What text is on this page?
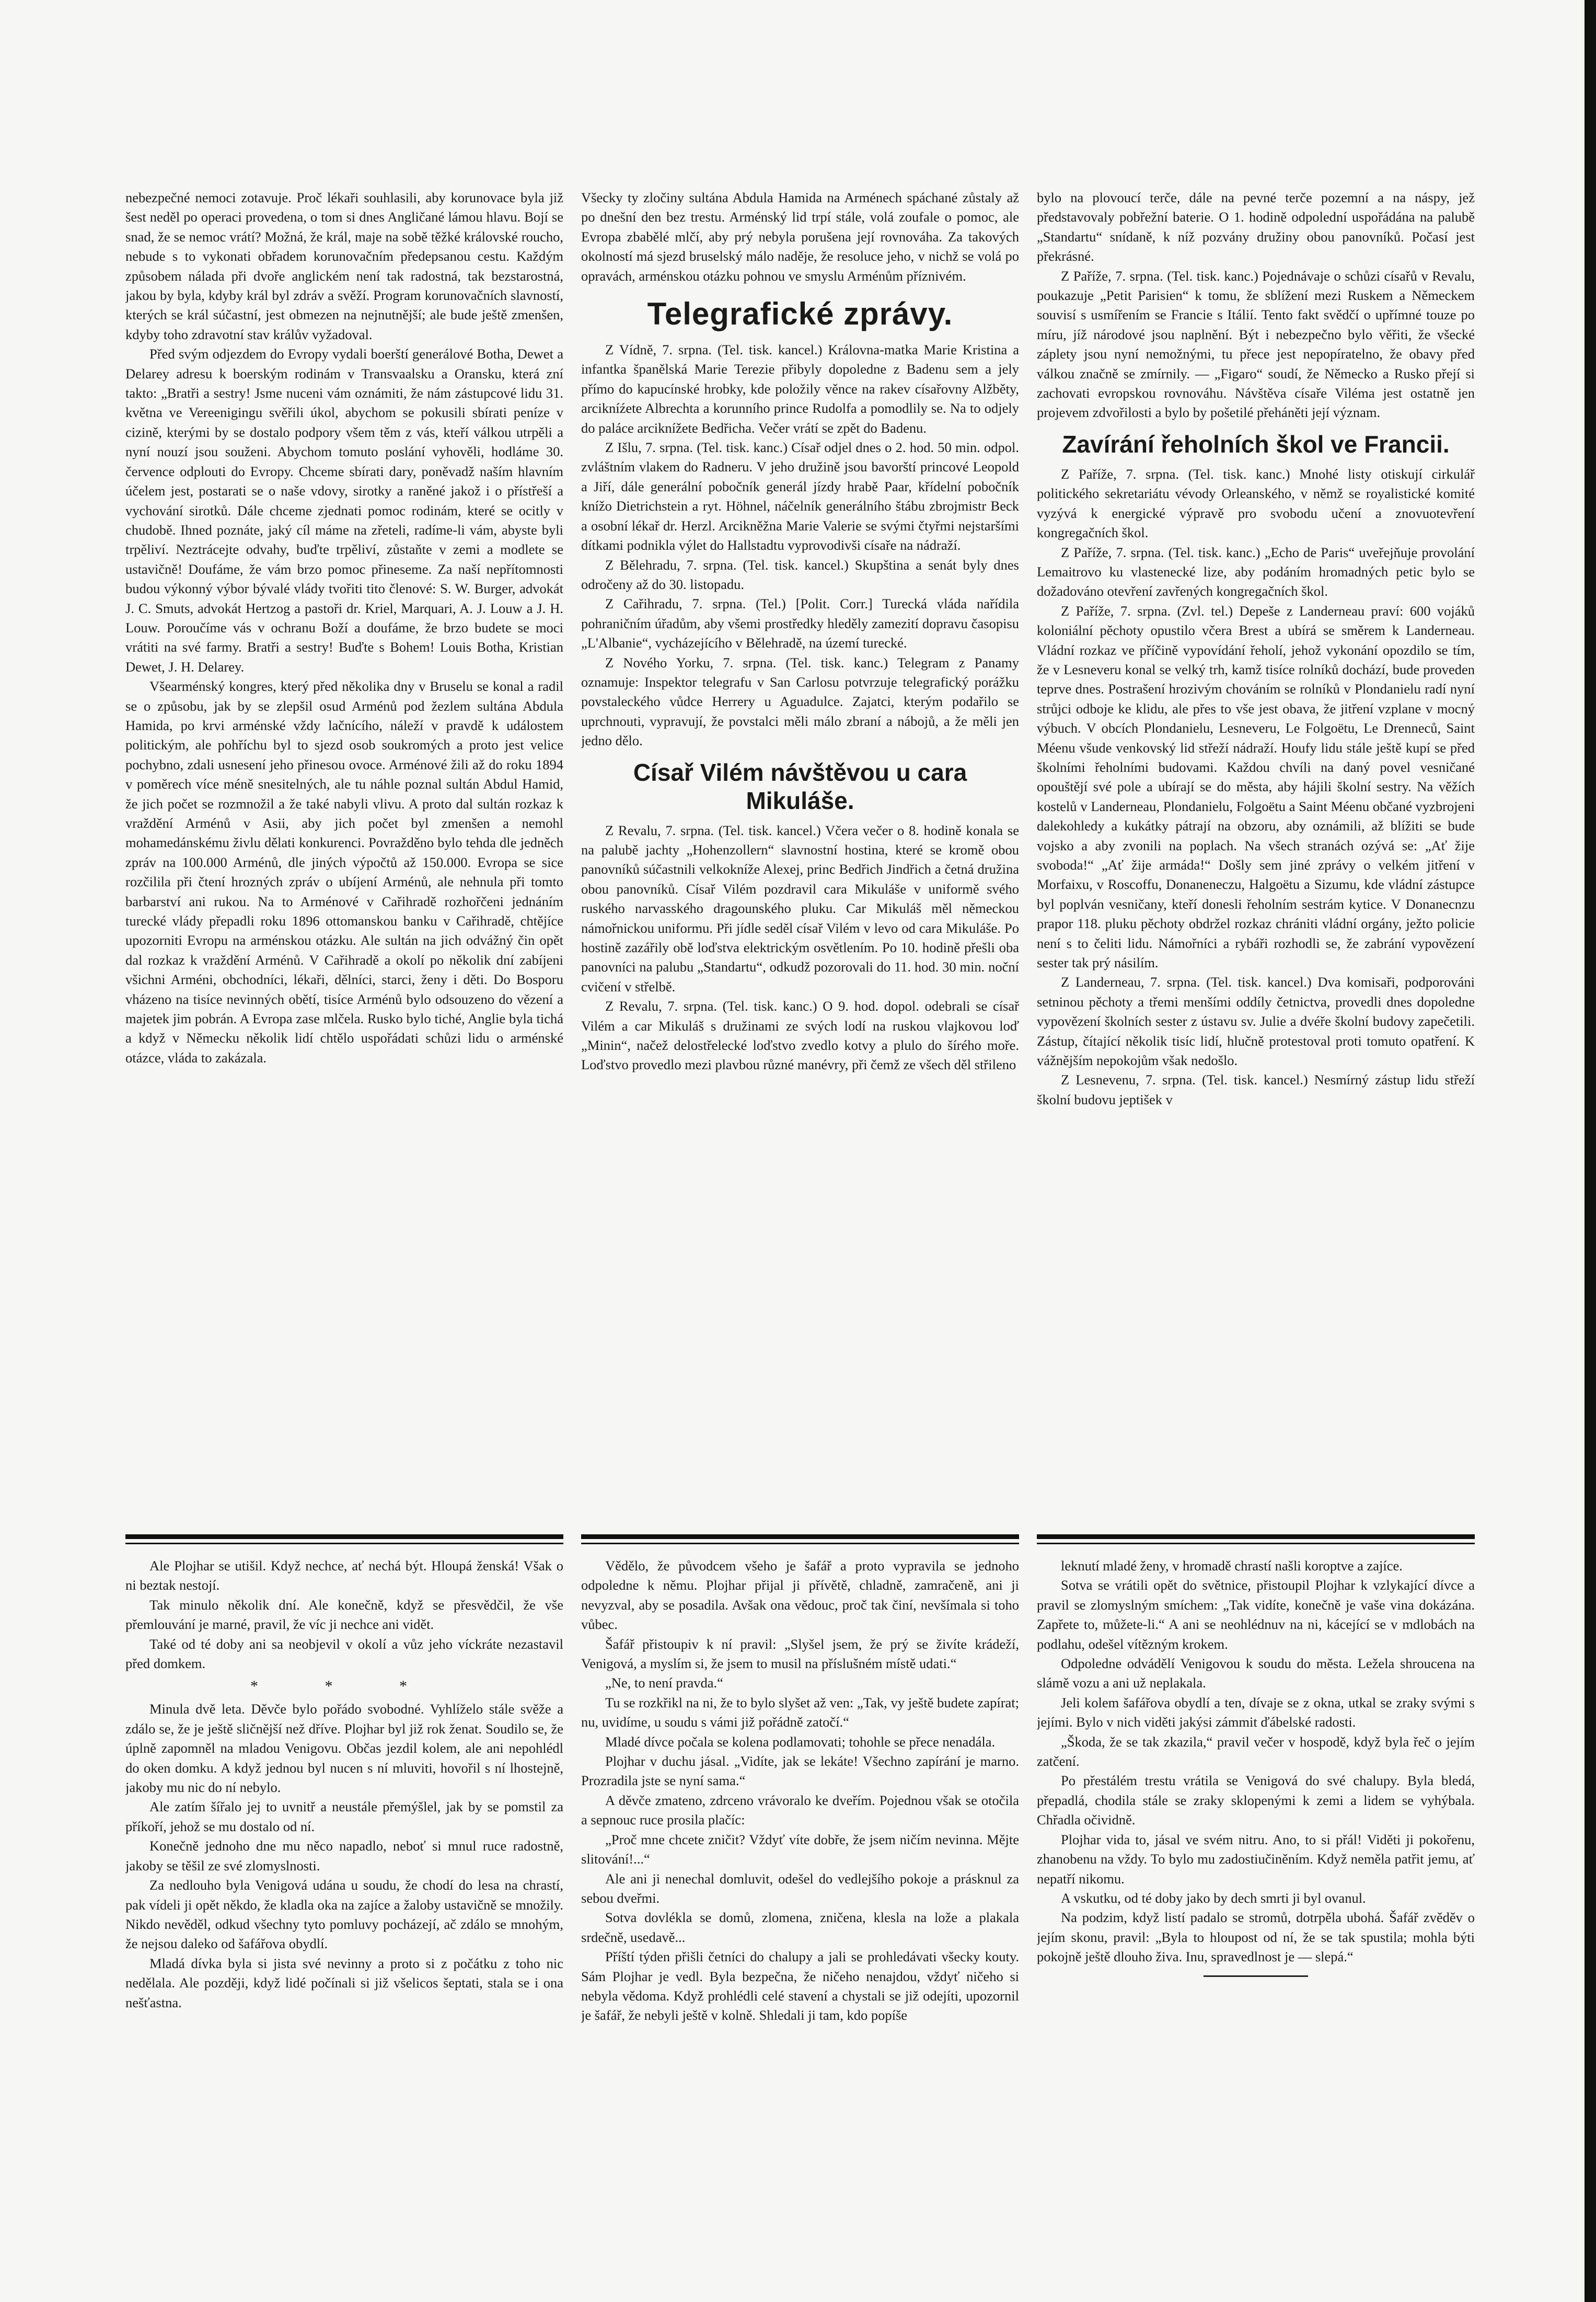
nebezpečné nemoci zotavuje. Proč lékaři souhlasili, aby korunovace byla již šest neděl po operaci provedena, o tom si dnes Angličané lámou hlavu. Bojí se snad, že se nemoc vrátí? Možná, že král, maje na sobě těžké královské roucho, nebude s to vykonati obřadem korunovačním předepsanou cestu. Každým způsobem nálada při dvoře anglickém není tak radostná, tak bezstarostná, jakou by byla, kdyby král byl zdráv a svěží. Program korunovačních slavností, kterých se král súčastní, jest obmezen na nejnutnější; ale bude ještě zmenšen, kdyby toho zdravotní stav králův vyžadoval.

Před svým odjezdem do Evropy vydali boerští generálové Botha, Dewet a Delarey adresu k boerským rodinám v Transvaalsku a Oransku, která zní takto: „Bratři a sestry! Jsme nuceni vám oznámiti, že nám zástupcové lidu 31. května ve Vereenigingu svěřili úkol, abychom se pokusili sbírati peníze v cizině, kterými by se dostalo podpory všem těm z vás, kteří válkou utrpěli a nyní nouzí jsou souženi. Abychom tomuto poslání vyhověli, hodláme 30. července odplouti do Evropy. Chceme sbírati dary, poněvadž naším hlavním účelem jest, postarati se o naše vdovy, sirotky a raněné jakož i o přístřeší a vychování sirotků. Dále chceme zjednati pomoc rodinám, které se ocitly v chudobě. Ihned poznáte, jaký cíl máme na zřeteli, radíme-li vám, abyste byli trpěliví. Neztrácejte odvahy, buďte trpěliví, zůstaňte v zemi a modlete se ustavičně! Doufáme, že vám brzo pomoc přineseme. Za naší nepřítomnosti budou výkonný výbor bývalé vlády tvořiti tito členové: S. W. Burger, advokát J. C. Smuts, advokát Hertzog a pastoři dr. Kriel, Marquari, A. J. Louw a J. H. Louw. Poroučíme vás v ochranu Boží a doufáme, že brzo budete se moci vrátiti na své farmy. Bratři a sestry! Buďte s Bohem! Louis Botha, Kristian Dewet, J. H. Delarey.

Všearménský kongres, který před několika dny v Bruselu se konal a radil se o způsobu, jak by se zlepšil osud Arménů pod žezlem sultána Abdula Hamida, po krvi arménské vždy lačnícího, náleží v pravdě k událostem politickým, ale pohříchu byl to sjezd osob soukromých a proto jest velice pochybno, zdali usnesení jeho přinesou ovoce. Arménové žili až do roku 1894 v poměrech více méně snesitelných, ale tu náhle poznal sultán Abdul Hamid, že jich počet se rozmnožil a že také nabyli vlivu. A proto dal sultán rozkaz k vraždění Arménů v Asii, aby jich počet byl zmenšen a nemohl mohamedánskému živlu dělati konkurenci. Povražděno bylo tehda dle jedněch zpráv na 100.000 Arménů, dle jiných výpočtů až 150.000. Evropa se sice rozčilila při čtení hrozných zpráv o ubíjení Arménů, ale nehnula při tomto barbarství ani rukou. Na to Arménové v Cařihradě rozhořčeni jednáním turecké vlády přepadli roku 1896 ottomanskou banku v Cařihradě, chtějíce upozorniti Evropu na arménskou otázku. Ale sultán na jich odvážný čin opět dal rozkaz k vraždění Arménů. V Cařihradě a okolí po několik dní zabíjeni všichni Arméni, obchodníci, lékaři, dělníci, starci, ženy i děti. Do Bosporu vházeno na tisíce nevinných obětí, tisíce Arménů bylo odsouzeno do vězení a majetek jim pobrán. A Evropa zase mlčela. Rusko bylo tiché, Anglie byla tichá a když v Německu několik lidí chtělo uspořádati schůzi lidu o arménské otázce, vláda to zakázala.

Všecky ty zločiny sultána Abdula Hamida na Arménech spáchané zůstaly až po dnešní den bez trestu. Arménský lid trpí stále, volá zoufale o pomoc, ale Evropa zbabělé mlčí, aby prý nebyla porušena její rovnováha. Za takových okolností má sjezd bruselský málo naděje, že resoluce jeho, v nichž se volá po opravách, arménskou otázku pohnou ve smyslu Arménům příznivém.

Telegrafické zprávy.

Z Vídně, 7. srpna. (Tel. tisk. kancel.) Královna-matka Marie Kristina a infantka španělská Marie Terezie přibyly dopoledne z Badenu sem a jely přímo do kapucínské hrobky, kde položily věnce na rakev císařovny Alžběty, arcikníźete Albrechta a korunního prince Rudolfa a pomodlily se. Na to odjely do paláce arciknížete Bedřicha. Večer vrátí se zpět do Badenu.

Z Išlu, 7. srpna. (Tel. tisk. kanc.) Císař odjel dnes o 2. hod. 50 min. odpol. zvláštním vlakem do Radneru. V jeho družině jsou bavorští princové Leopold a Jiří, dále generální pobočník generál jízdy hrabě Paar, křídelní pobočník knížo Dietrichstein a ryt. Höhnel, náčelník generálního štábu zbrojmistr Beck a osobní lékař dr. Herzl. Arcikněžna Marie Valerie se svými čtyřmi nejstaršími dítkami podnikla výlet do Hallstadtu vyprovodivši císaře na nádraží.

Z Bělehradu, 7. srpna. (Tel. tisk. kancel.) Skupština a senát byly dnes odročeny až do 30. listopadu.

Z Cařihradu, 7. srpna. (Tel.) [Polit. Corr.] Turecká vláda nařídila pohraničním úřadům, aby všemi prostředky hleděly zamezití dopravu časopisu „L'Albanie“, vycházejícího v Bělehradě, na území turecké.

Z Nového Yorku, 7. srpna. (Tel. tisk. kanc.) Telegram z Panamy oznamuje: Inspektor telegrafu v San Carlosu potvrzuje telegrafický porážku povstaleckého vůdce Herrery u Aguadulce. Zajatci, kterým podařilo se uprchnouti, vypravují, že povstalci měli málo zbraní a nábojů, a že měli jen jedno dělo.

Císař Vilém návštěvou u cara Mikuláše.

Z Revalu, 7. srpna. (Tel. tisk. kancel.) Včera večer o 8. hodině konala se na palubě jachty „Hohenzollern“ slavnostní hostina, které se kromě obou panovníků súčastnili velkokníže Alexej, princ Bedřich Jindřich a četná družina obou panovníků. Císař Vilém pozdravil cara Mikuláše v uniformě svého ruského narvasského dragounského pluku. Car Mikuláš měl německou námořnickou uniformu. Při jídle seděl císař Vilém v levo od cara Mikuláše. Po hostině zazářily obě loďstva elektrickým osvětlením. Po 10. hodině přešli oba panovníci na palubu „Standartu“, odkudž pozorovali do 11. hod. 30 min. noční cvičení v střelbě.

Z Revalu, 7. srpna. (Tel. tisk. kanc.) O 9. hod. dopol. odebrali se císař Vilém a car Mikuláš s družinami ze svých lodí na ruskou vlajkovou loď „Minin“, načež delostřelecké loďstvo zvedlo kotvy a plulo do šírého moře. Loďstvo provedlo mezi plavbou různé manévry, při čemž ze všech děl střileno

bylo na plovoucí terče, dále na pevné terče pozemní a na náspy, jež představovaly pobřežní baterie. O 1. hodině odpolední uspořádána na palubě „Standartu“ snídaně, k níž pozvány družiny obou panovníků. Počasí jest překrásné.

Z Paříže, 7. srpna. (Tel. tisk. kanc.) Pojednávaje o schůzi císařů v Revalu, poukazuje „Petit Parisien“ k tomu, že sblížení mezi Ruskem a Německem souvisí s usmířením se Francie s Itálií. Tento fakt svědčí o upřímné touze po míru, jíž národové jsou naplnění. Být i nebezpečno bylo věřiti, že všecké záplety jsou nyní nemožnými, tu přece jest nepopíratelno, že obavy před válkou značně se zmírnily. — „Figaro“ soudí, že Německo a Rusko přejí si zachovati evropskou rovnováhu. Návštěva císaře Viléma jest ostatně jen projevem zdvořilosti a bylo by pošetilé přeháněti její význam.

Zavírání řeholních škol ve Francii.

Z Paříže, 7. srpna. (Tel. tisk. kanc.) Mnohé listy otiskují cirkulář politického sekretariátu vévody Orleanského, v němž se royalistické komité vyzývá k energické výpravě pro svobodu učení a znovuotevření kongregačních škol.

Z Paříže, 7. srpna. (Tel. tisk. kanc.) „Echo de Paris“ uveřejňuje provolání Lemaitrovo ku vlastenecké lize, aby podáním hromadných petic bylo se dožadováno otevření zavřených kongregačních škol.

Z Paříže, 7. srpna. (Zvl. tel.) Depeše z Landerneau praví: 600 vojáků koloniální pěchoty opustilo včera Brest a ubírá se směrem k Landerneau. Vládní rozkaz ve příčině vypovídání řeholí, jehož vykonání opozdilo se tím, že v Lesneveru konal se velký trh, kamž tisíce rolníků dochází, bude proveden teprve dnes. Postrašení hrozivým chováním se rolníků v Plondanielu radí nyní strůjci odboje ke klidu, ale přes to vše jest obava, že jitření vzplane v mocný výbuch. V obcích Plondanielu, Lesneveru, Le Folgoëtu, Le Drenneců, Saint Méenu všude venkovský lid střeží nádraží. Houfy lidu stále ještě kupí se před školními řeholními budovami. Každou chvíli na daný povel vesničané opouštějí své pole a ubírají se do města, aby hájili školní sestry. Na věžích kostelů v Landerneau, Plondanielu, Folgoëtu a Saint Méenu občané vyzbrojeni dalekohledy a kukátky pátrají na obzoru, aby oznámili, až blížiti se bude vojsko a aby zvonili na poplach. Na všech stranách ozývá se: „Ať žije svoboda!“ „Ať žije armáda!“ Došly sem jiné zprávy o velkém jitření v Morfaixu, v Roscoffu, Donaneneczu, Halgoëtu a Sizumu, kde vládní zástupce byl poplván vesničany, kteří donesli řeholním sestrám kytice. V Donanecnzu prapor 118. pluku pěchoty obdržel rozkaz chrániti vládní orgány, ježto policie není s to čeliti lidu. Námořníci a rybáři rozhodli se, že zabrání vypovězení sester tak prý násilím.

Z Landerneau, 7. srpna. (Tel. tisk. kancel.) Dva komisaři, podporováni setninou pěchoty a třemi menšími oddíly četnictva, provedli dnes dopoledne vypovězení školních sester z ústavu sv. Julie a dvéře školní budovy zapečetili. Zástup, čítající několik tisíc lidí, hlučně protestoval proti tomuto opatření. K vážnějším nepokojům však nedošlo.

Z Lesnevenu, 7. srpna. (Tel. tisk. kancel.) Nesmírný zástup lidu střeží školní budovu jeptišek v

Ale Plojhar se utišil. Když nechce, ať nechá být. Hloupá ženská! Však o ni beztak nestojí.

Tak minulo několik dní. Ale konečně, když se přesvědčil, že vše přemlouvání je marné, pravil, že víc ji nechce ani vidět.

Také od té doby ani sa neobjevil v okolí a vůz jeho víckráte nezastavil před domkem.

* * *

Minula dvě leta. Děvče bylo pořádo svobodné. Vyhlíželo stále svěže a zdálo se, že je ještě sličnější než dříve. Plojhar byl již rok ženat. Soudilo se, že úplně zapomněl na mladou Venigovu. Občas jezdil kolem, ale ani nepohlédl do oken domku. A když jednou byl nucen s ní mluviti, hovořil s ní lhostejně, jakoby mu nic do ní nebylo.

Ale zatím šířalo jej to uvnitř a neustále přemýšlel, jak by se pomstil za příkoří, jehož se mu dostalo od ní.

Konečně jednoho dne mu něco napadlo, neboť si mnul ruce radostně, jakoby se těšil ze své zlomyslnosti.

Za nedlouho byla Venigová udána u soudu, že chodí do lesa na chrastí, pak vídeli ji opět někdo, že kladla oka na zajíce a žaloby ustavičně se množily. Nikdo nevěděl, odkud všechny tyto pomluvy pocházejí, ač zdálo se mnohým, že nejsou daleko od šafářova obydlí.

Mladá dívka byla si jista své nevinny a proto si z počátku z toho nic nedělala. Ale později, když lidé počínali si již všelicos šeptati, stala se i ona nešťastna.

Vědělo, že původcem všeho je šafář a proto vypravila se jednoho odpoledne k němu. Plojhar přijal ji přívětě, chladně, zamračeně, ani ji nevyzval, aby se posadila. Avšak ona vědouc, proč tak činí, nevšímala si toho vůbec.

Šafář přistoupiv k ní pravil: „Slyšel jsem, že prý se živíte krádeží, Venigová, a myslím si, že jsem to musil na příslušném místě udati.“

„Ne, to není pravda.“

Tu se rozkřikl na ni, že to bylo slyšet až ven: „Tak, vy ještě budete zapírat; nu, uvidíme, u soudu s vámi již pořádně zatočí.“

Mladé dívce počala se kolena podlamovati; tohohle se přece nenadála.

Plojhar v duchu jásal. „Vidíte, jak se lekáte! Všechno zapírání je marno. Prozradila jste se nyní sama.“

A děvče zmateno, zdrceno vrávoralo ke dveřím. Pojednou však se otočila a sepnouc ruce prosila plačíc:

„Proč mne chcete zničit? Vždyť víte dobře, že jsem ničím nevinna. Mějte slitování!...“

Ale ani ji nenechal domluvit, odešel do vedlejšího pokoje a prásknul za sebou dveřmi.

Sotva dovlékla se domů, zlomena, zničena, klesla na lože a plakala srdečně, usedavě...

Příští týden přišli četníci do chalupy a jali se prohledávati všecky kouty. Sám Plojhar je vedl. Byla bezpečna, že ničeho nenajdou, vždyť ničeho si nebyla vědoma. Když prohlédli celé stavení a chystali se již odejíti, upozornil je šafář, že nebyli ještě v kolně. Shledali ji tam, kdo popíše

leknutí mladé ženy, v hromadě chrastí našli koroptve a zajíce.

Sotva se vrátili opět do světnice, přistoupil Plojhar k vzlykající dívce a pravil se zlomyslným smíchem: „Tak vidíte, konečně je vaše vina dokázána. Zapřete to, můžete-li.“ A ani se neohlédnuv na ni, kácející se v mdlobách na podlahu, odešel vítězným krokem.

Odpoledne odvádělí Venigovou k soudu do města. Ležela shroucena na slámě vozu a ani už neplakala.

Jeli kolem šafářova obydlí a ten, dívaje se z okna, utkal se zraky svými s jejími. Bylo v nich viděti jakýsi zámmit ďábelské radosti.

„Škoda, že se tak zkazila,“ pravil večer v hospodě, když byla řeč o jejím zatčení.

Po přestálém trestu vrátila se Venigová do své chalupy. Byla bledá, přepadlá, chodila stále se zraky sklopenými k zemi a lidem se vyhýbala. Chřadla očividně.

Plojhar vida to, jásal ve svém nitru. Ano, to si přál! Viděti ji pokořenu, zhanobenu na vždy. To bylo mu zadostiučiněním. Když neměla patřit jemu, ať nepatří nikomu.

A vskutku, od té doby jako by dech smrti ji byl ovanul.

Na podzim, když listí padalo se stromů, dotrpěla ubohá. Šafář zvěděv o jejím skonu, pravil: „Byla to hloupost od ní, že se tak spustila; mohla býti pokojně ještě dlouho živa. Inu, spravedlnost je — slepá.“
